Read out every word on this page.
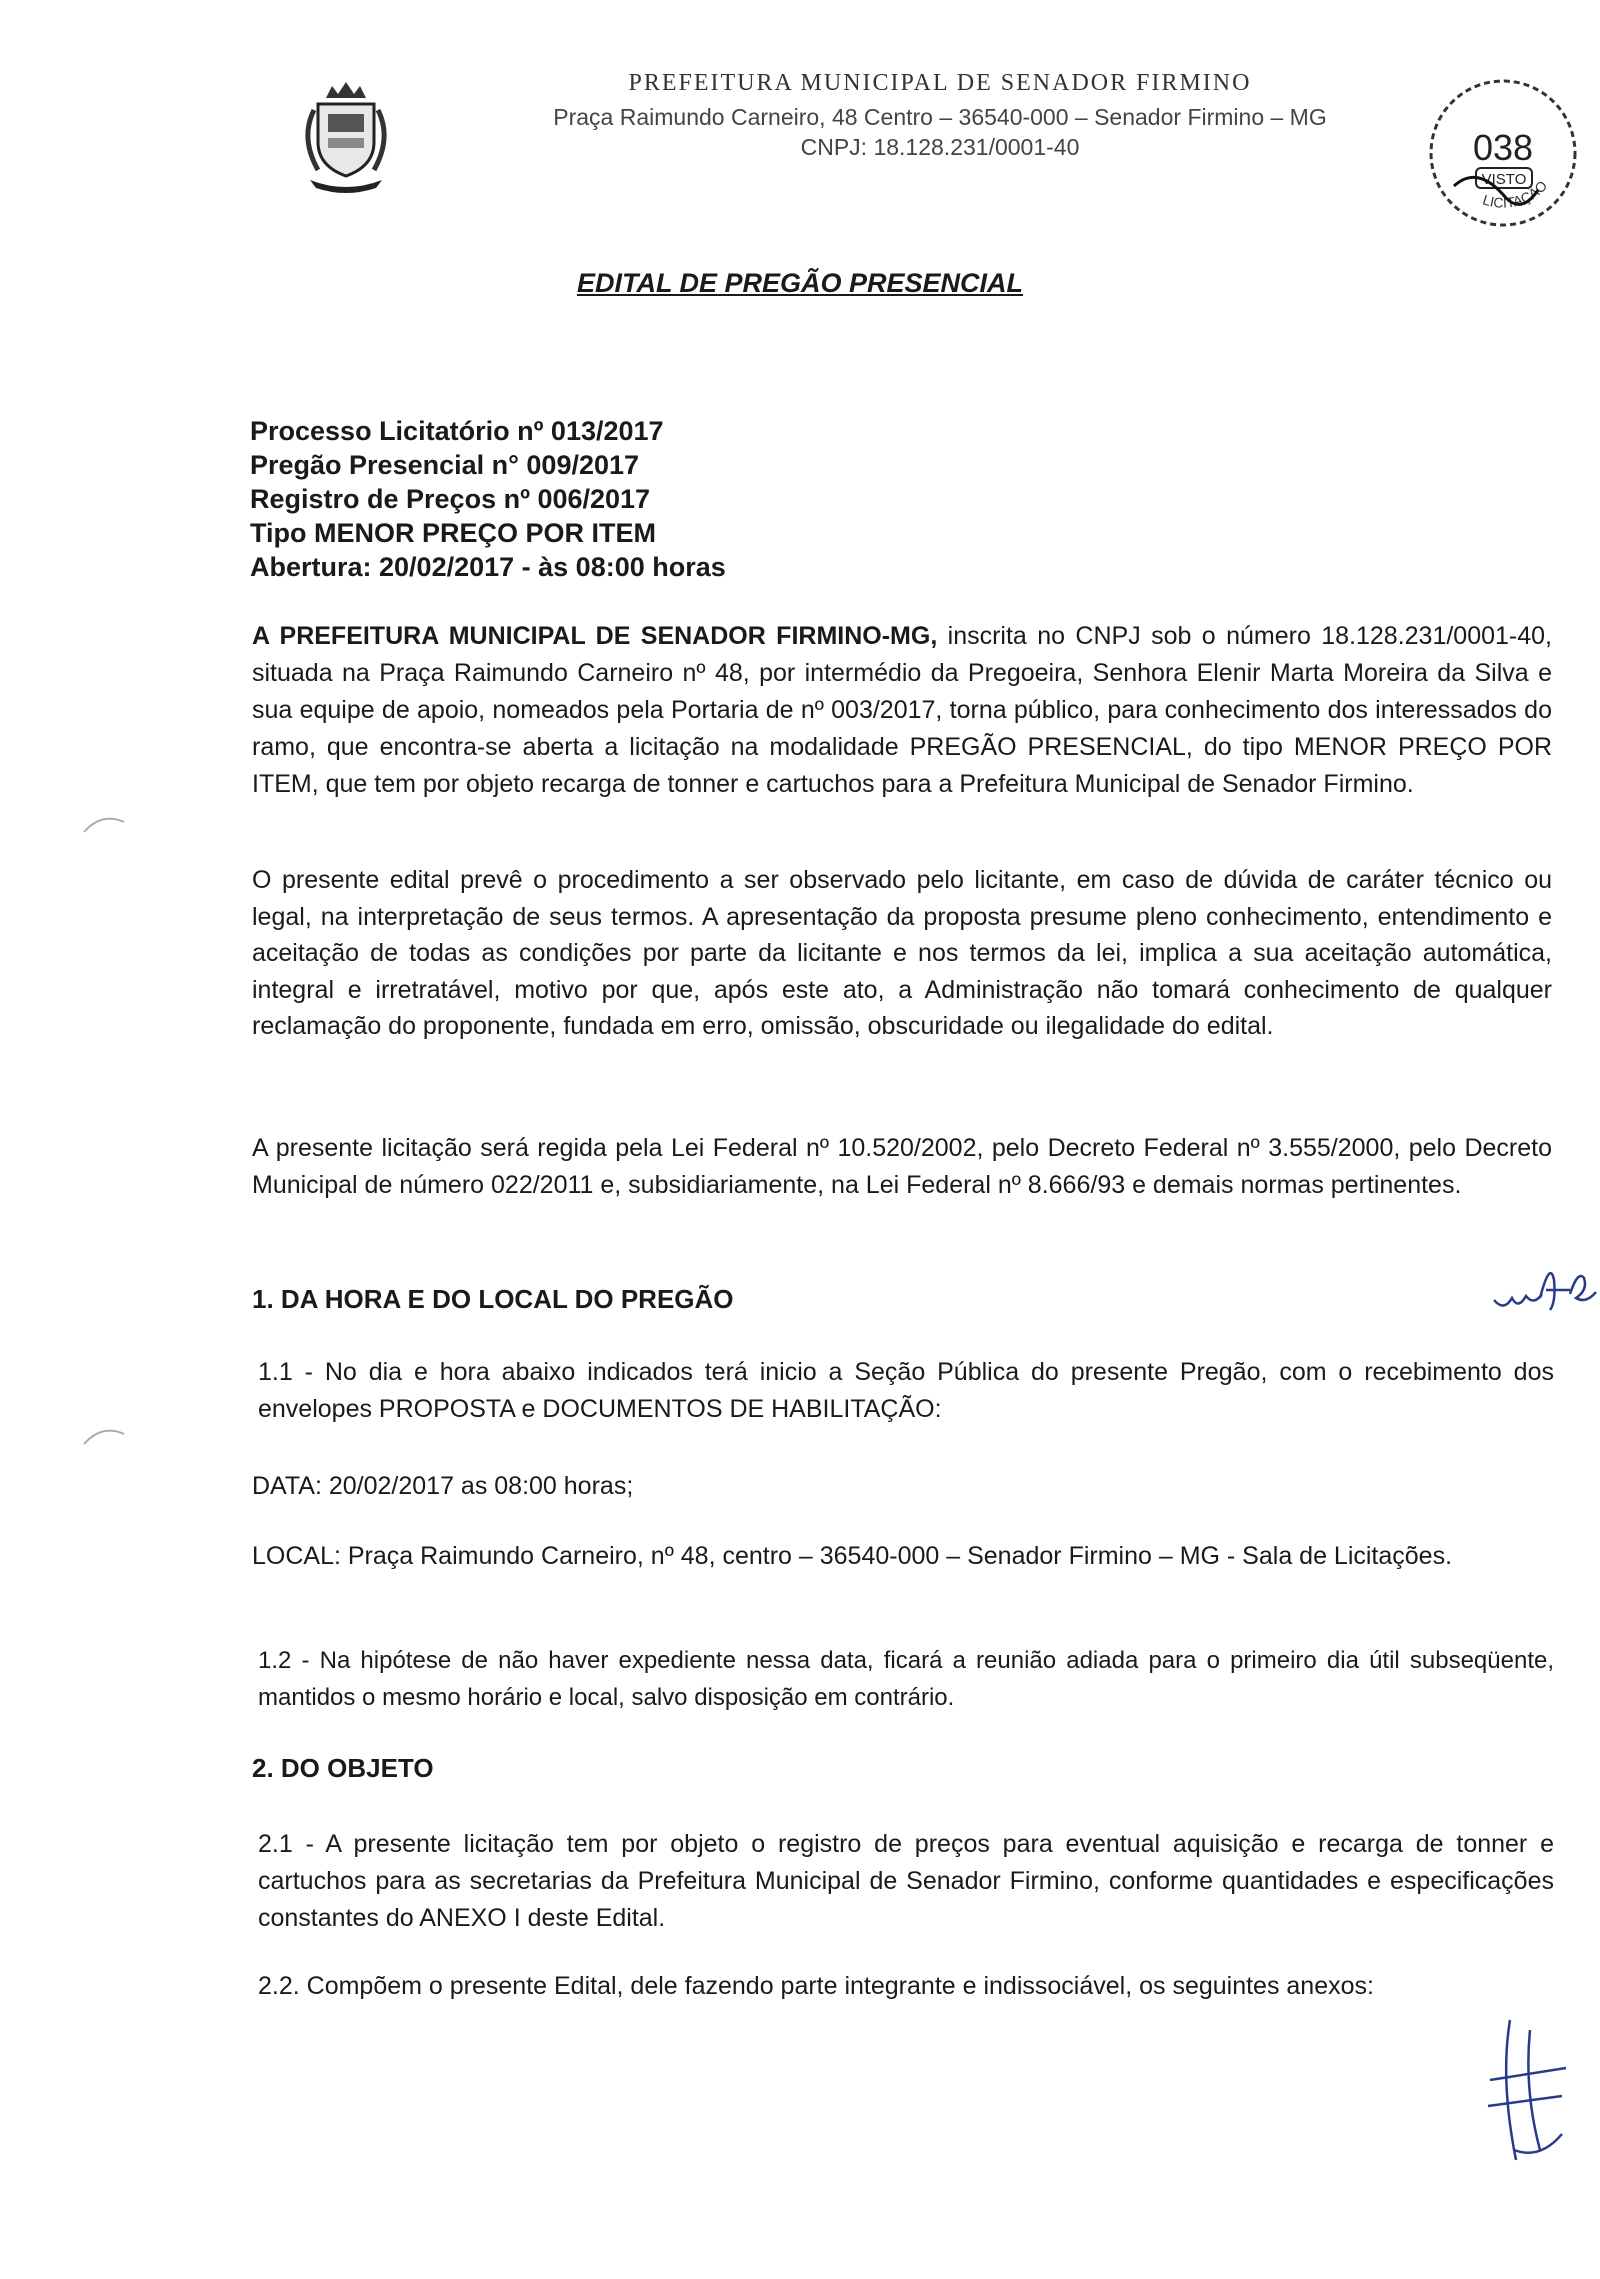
PREFEITURA MUNICIPAL DE SENADOR FIRMINO
Praça Raimundo Carneiro, 48 Centro – 36540-000 – Senador Firmino – MG
CNPJ: 18.128.231/0001-40	038
VISTO
LICITAÇÃO
EDITAL DE PREGÃO PRESENCIAL
Processo Licitatório nº 013/2017
Pregão Presencial n° 009/2017
Registro de Preços nº 006/2017
Tipo MENOR PREÇO POR ITEM
Abertura: 20/02/2017 - às 08:00 horas

A PREFEITURA MUNICIPAL DE SENADOR FIRMINO-MG, inscrita no CNPJ sob o número 18.128.231/0001-40, situada na Praça Raimundo Carneiro nº 48, por intermédio da Pregoeira, Senhora Elenir Marta Moreira da Silva e sua equipe de apoio, nomeados pela Portaria de nº 003/2017, torna público, para conhecimento dos interessados do ramo, que encontra-se aberta a licitação na modalidade PREGÃO PRESENCIAL, do tipo MENOR PREÇO POR ITEM, que tem por objeto recarga de tonner e cartuchos para a Prefeitura Municipal de Senador Firmino.

O presente edital prevê o procedimento a ser observado pelo licitante, em caso de dúvida de caráter técnico ou legal, na interpretação de seus termos. A apresentação da proposta presume pleno conhecimento, entendimento e aceitação de todas as condições por parte da licitante e nos termos da lei, implica a sua aceitação automática, integral e irretratável, motivo por que, após este ato, a Administração não tomará conhecimento de qualquer reclamação do proponente, fundada em erro, omissão, obscuridade ou ilegalidade do edital.

A presente licitação será regida pela Lei Federal nº 10.520/2002, pelo Decreto Federal nº 3.555/2000, pelo Decreto Municipal de número 022/2011 e, subsidiariamente, na Lei Federal nº 8.666/93 e demais normas pertinentes.

1. DA HORA E DO LOCAL DO PREGÃO

1.1 - No dia e hora abaixo indicados terá inicio a Seção Pública do presente Pregão, com o recebimento dos envelopes PROPOSTA e DOCUMENTOS DE HABILITAÇÃO:

DATA: 20/02/2017 as 08:00 horas;

LOCAL: Praça Raimundo Carneiro, nº 48, centro – 36540-000 – Senador Firmino – MG - Sala de Licitações.

1.2 - Na hipótese de não haver expediente nessa data, ficará a reunião adiada para o primeiro dia útil subseqüente, mantidos o mesmo horário e local, salvo disposição em contrário.

2. DO OBJETO

2.1 - A presente licitação tem por objeto o registro de preços para eventual aquisição e recarga de tonner e cartuchos para as secretarias da Prefeitura Municipal de Senador Firmino, conforme quantidades e especificações constantes do ANEXO I deste Edital.

2.2. Compõem o presente Edital, dele fazendo parte integrante e indissociável, os seguintes anexos:
